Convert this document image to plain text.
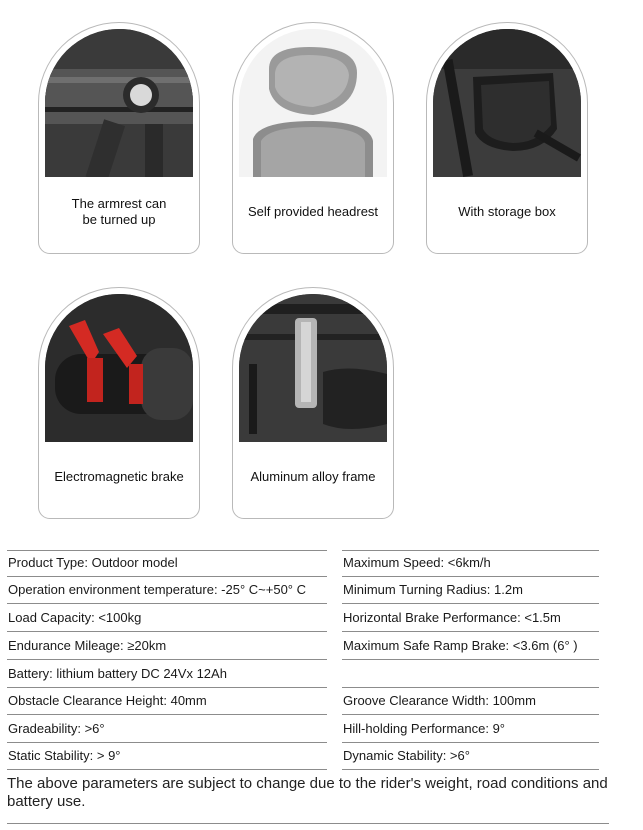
The armrest can
be turned up
Self provided headrest	With storage box
Electromagnetic brake	Aluminum alloy frame
Product Type: Outdoor model
Operation environment temperature: -25° C~+50° C
Load Capacity: <100kg
Endurance Mileage: ≥20km
Battery: lithium battery DC 24Vx 12Ah
Obstacle Clearance Height: 40mm
Gradeability: >6°
Static Stability: > 9°
Maximum Speed: <6km/h
Minimum Turning Radius: 1.2m
Horizontal Brake Performance: <1.5m
Maximum Safe Ramp Brake: <3.6m (6° )
Groove Clearance Width: 100mm
Hill-holding Performance: 9°
Dynamic Stability: >6°
The above parameters are subject to change due to the rider's weight, road conditions and battery use.
